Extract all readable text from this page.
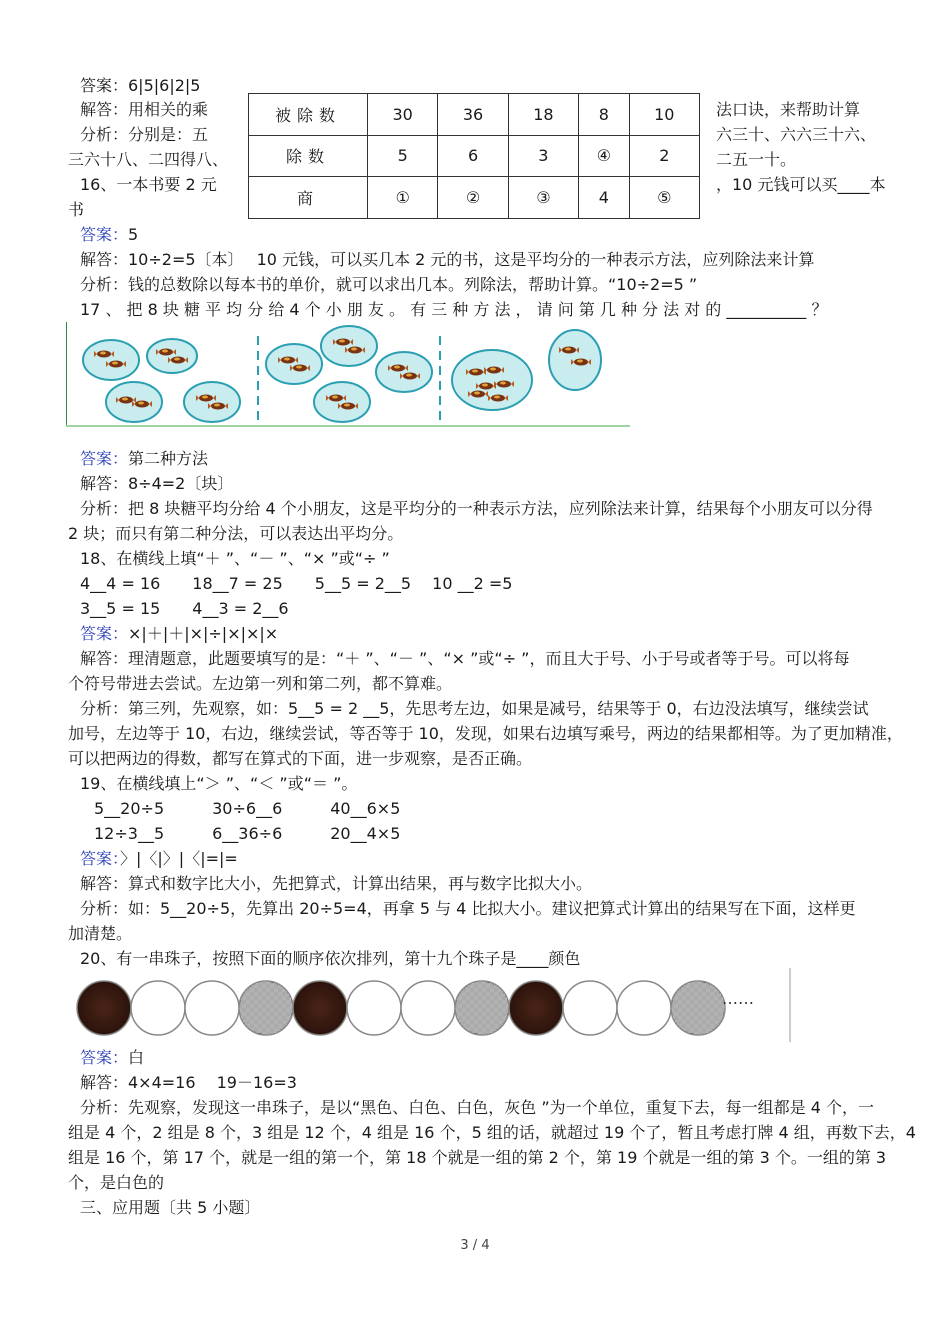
答案：6|5|6|2|5
解答：用相关的乘
分析：分别是：五
三六十八、二四得八、
16、一本书要 2 元
书
法口诀，来帮助计算
六三十、六六三十六、
二五一十。
，10 元钱可以买____本
被除数	30	36	18	8	10
除数	5	6	3	④	2
商	①	②	③	4	⑤
答案：5
解答：10÷2=5〔本〕　 10 元钱，可以买几本 2 元的书，这是平均分的一种表示方法，应列除法来计算
分析：钱的总数除以每本书的单价，就可以求出几本。列除法，帮助计算。“10÷2=5 ”
17 、 把 8 块 糖 平 均 分 给 4 个 小 朋 友 。 有 三 种 方 法 ， 请 问 第 几 种 分 法 对 的 __________ ？
答案：第二种方法
解答：8÷4=2〔块〕
分析：把 8 块糖平均分给 4 个小朋友，这是平均分的一种表示方法，应列除法来计算，结果每个小朋友可以分得
2 块；而只有第二种分法，可以表达出平均分。
18、在横线上填“＋ ”、“－ ”、“× ”或“÷ ”
4__4 = 16　　18__7 = 25　　5__5 = 2__5　 10 __2 =5
3__5 = 15　　4__3 = 2__6
答案：×|＋|＋|×|÷|×|×|×
解答：理清题意，此题要填写的是：“＋ ”、“－ ”、“× ”或“÷ ”，而且大于号、小于号或者等于号。可以将每
个符号带进去尝试。左边第一列和第二列，都不算难。
分析：第三列，先观察，如：5__5 = 2 __5，先思考左边，如果是减号，结果等于 0，右边没法填写，继续尝试
加号，左边等于 10，右边，继续尝试，等否等于 10，发现，如果右边填写乘号，两边的结果都相等。为了更加精准，
可以把两边的得数，都写在算式的下面，进一步观察，是否正确。
19、在横线填上“＞ ”、“＜ ”或“＝ ”。
5__20÷5　　　30÷6__6　　　40__6×5
12÷3__5　　　6__36÷6　　　20__4×5
答案：〉|〈|〉|〈|=|=
解答：算式和数字比大小，先把算式，计算出结果，再与数字比拟大小。
分析：如：5__20÷5，先算出 20÷5=4，再拿 5 与 4 比拟大小。建议把算式计算出的结果写在下面，这样更
加清楚。
20、有一串珠子，按照下面的顺序依次排列，第十九个珠子是____颜色
……
答案：白
解答：4×4=16　 19－16=3
分析：先观察，发现这一串珠子，是以“黑色、白色、白色，灰色 ”为一个单位，重复下去，每一组都是 4 个，一
组是 4 个，2 组是 8 个，3 组是 12 个，4 组是 16 个，5 组的话，就超过 19 个了，暂且考虑打牌 4 组，再数下去，4
组是 16 个，第 17 个，就是一组的第一个，第 18 个就是一组的第 2 个，第 19 个就是一组的第 3 个。一组的第 3
个，是白色的
三、应用题〔共 5 小题〕
3 / 4
